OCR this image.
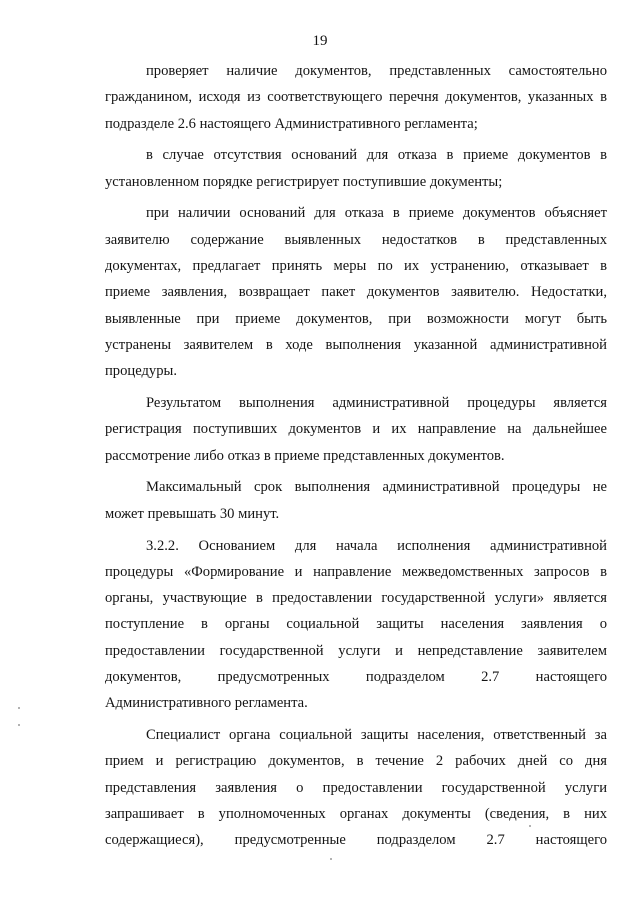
19
проверяет наличие документов, представленных самостоятельно
гражданином, исходя из соответствующего перечня документов, указанных в
подразделе 2.6 настоящего Административного регламента;
в случае отсутствия оснований для отказа в приеме документов в
установленном порядке регистрирует поступившие документы;
при наличии оснований для отказа в приеме документов объясняет
заявителю содержание выявленных недостатков в представленных
документах, предлагает принять меры по их устранению, отказывает в
приеме заявления, возвращает пакет документов заявителю. Недостатки,
выявленные при приеме документов, при возможности могут быть
устранены заявителем в ходе выполнения указанной административной
процедуры.
Результатом выполнения административной процедуры является
регистрация поступивших документов и их направление на дальнейшее
рассмотрение либо отказ в приеме представленных документов.
Максимальный срок выполнения административной процедуры не
может превышать 30 минут.
3.2.2. Основанием для начала исполнения административной
процедуры «Формирование и направление межведомственных запросов в
органы, участвующие в предоставлении государственной услуги» является
поступление в органы социальной защиты населения заявления о
предоставлении государственной услуги и непредставление заявителем
документов, предусмотренных подразделом 2.7 настоящего
Административного регламента.
Специалист органа социальной защиты населения, ответственный за
прием и регистрацию документов, в течение 2 рабочих дней со дня
представления заявления о предоставлении государственной услуги
запрашивает в уполномоченных органах документы (сведения, в них
содержащиеся), предусмотренные подразделом 2.7 настоящего
